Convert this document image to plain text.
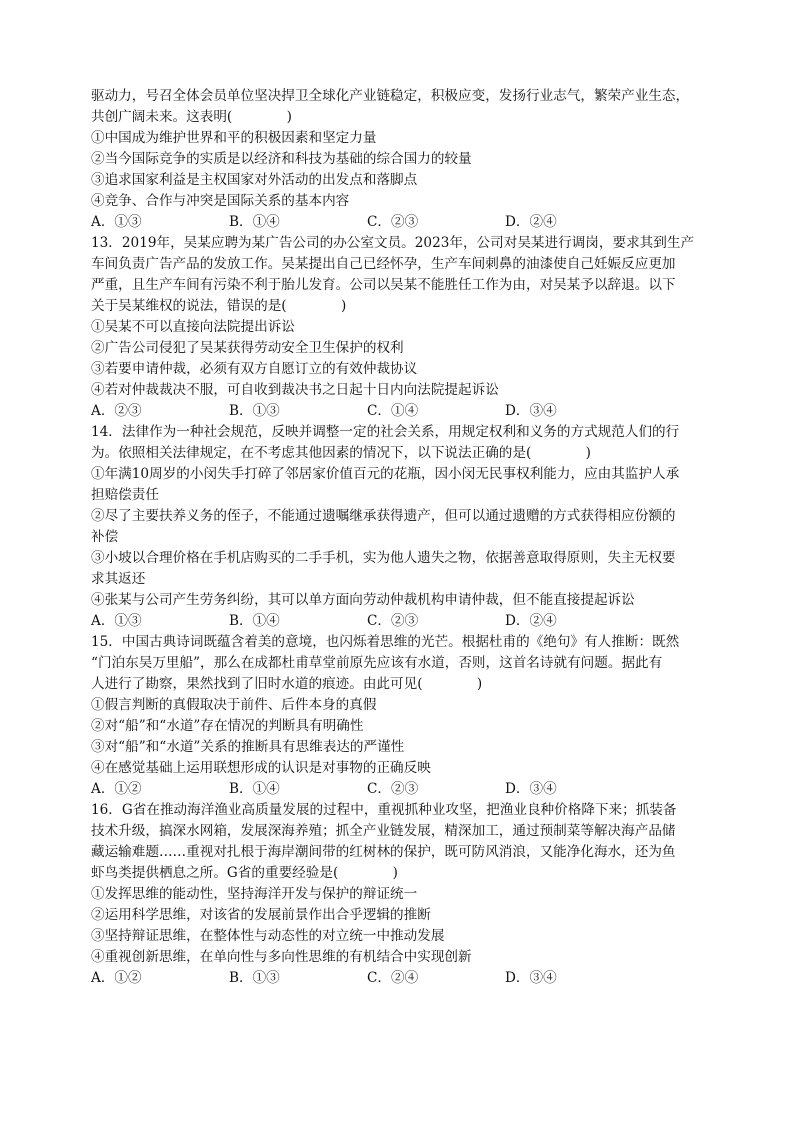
驱动力，号召全体会员单位坚决捍卫全球化产业链稳定，积极应变，发扬行业志气，繁荣产业生态，

共创广阔未来。这表明(　　　　)

①中国成为维护世界和平的积极因素和坚定力量

②当今国际竞争的实质是以经济和科技为基础的综合国力的较量

③追求国家利益是主权国家对外活动的出发点和落脚点

④竞争、合作与冲突是国际关系的基本内容

A．①③	B．①④	C．②③	D．②④

13．2019年，吴某应聘为某广告公司的办公室文员。2023年，公司对吴某进行调岗，要求其到生产

车间负责广告产品的发放工作。吴某提出自己已经怀孕，生产车间刺鼻的油漆使自己妊娠反应更加

严重，且生产车间有污染不利于胎儿发育。公司以吴某不能胜任工作为由，对吴某予以辞退。以下

关于吴某维权的说法，错误的是(　　　　)

①吴某不可以直接向法院提出诉讼

②广告公司侵犯了吴某获得劳动安全卫生保护的权利

③若要申请仲裁，必须有双方自愿订立的有效仲裁协议

④若对仲裁裁决不服，可自收到裁决书之日起十日内向法院提起诉讼

A．②③	B．①③	C．①④	D．③④

14．法律作为一种社会规范，反映并调整一定的社会关系，用规定权利和义务的方式规范人们的行

为。依照相关法律规定，在不考虑其他因素的情况下，以下说法正确的是(　　　　)

①年满10周岁的小闵失手打碎了邻居家价值百元的花瓶，因小闵无民事权利能力，应由其监护人承

担赔偿责任

②尽了主要扶养义务的侄子，不能通过遗嘱继承获得遗产，但可以通过遗赠的方式获得相应份额的

补偿

③小坡以合理价格在手机店购买的二手手机，实为他人遗失之物，依据善意取得原则，失主无权要

求其返还

④张某与公司产生劳务纠纷，其可以单方面向劳动仲裁机构申请仲裁，但不能直接提起诉讼

A．①③	B．①④	C．②③	D．②④

15．中国古典诗词既蕴含着美的意境，也闪烁着思维的光芒。根据杜甫的《绝句》有人推断：既然

“门泊东吴万里船”，那么在成都杜甫草堂前原先应该有水道，否则，这首名诗就有问题。据此有

人进行了勘察，果然找到了旧时水道的痕迹。由此可见(　　　　)

①假言判断的真假取决于前件、后件本身的真假

②对“船”和“水道”存在情况的判断具有明确性

③对“船”和“水道”关系的推断具有思维表达的严谨性

④在感觉基础上运用联想形成的认识是对事物的正确反映

A．①②	B．①④	C．②③	D．③④

16．G省在推动海洋渔业高质量发展的过程中，重视抓种业攻坚，把渔业良种价格降下来；抓装备

技术升级，搞深水网箱，发展深海养殖；抓全产业链发展，精深加工，通过预制菜等解决海产品储

藏运输难题……重视对扎根于海岸潮间带的红树林的保护，既可防风消浪，又能净化海水，还为鱼

虾鸟类提供栖息之所。G省的重要经验是(　　　　)

①发挥思维的能动性，坚持海洋开发与保护的辩证统一

②运用科学思维，对该省的发展前景作出合乎逻辑的推断

③坚持辩证思维，在整体性与动态性的对立统一中推动发展

④重视创新思维，在单向性与多向性思维的有机结合中实现创新

A．①②	B．①③	C．②④	D．③④
